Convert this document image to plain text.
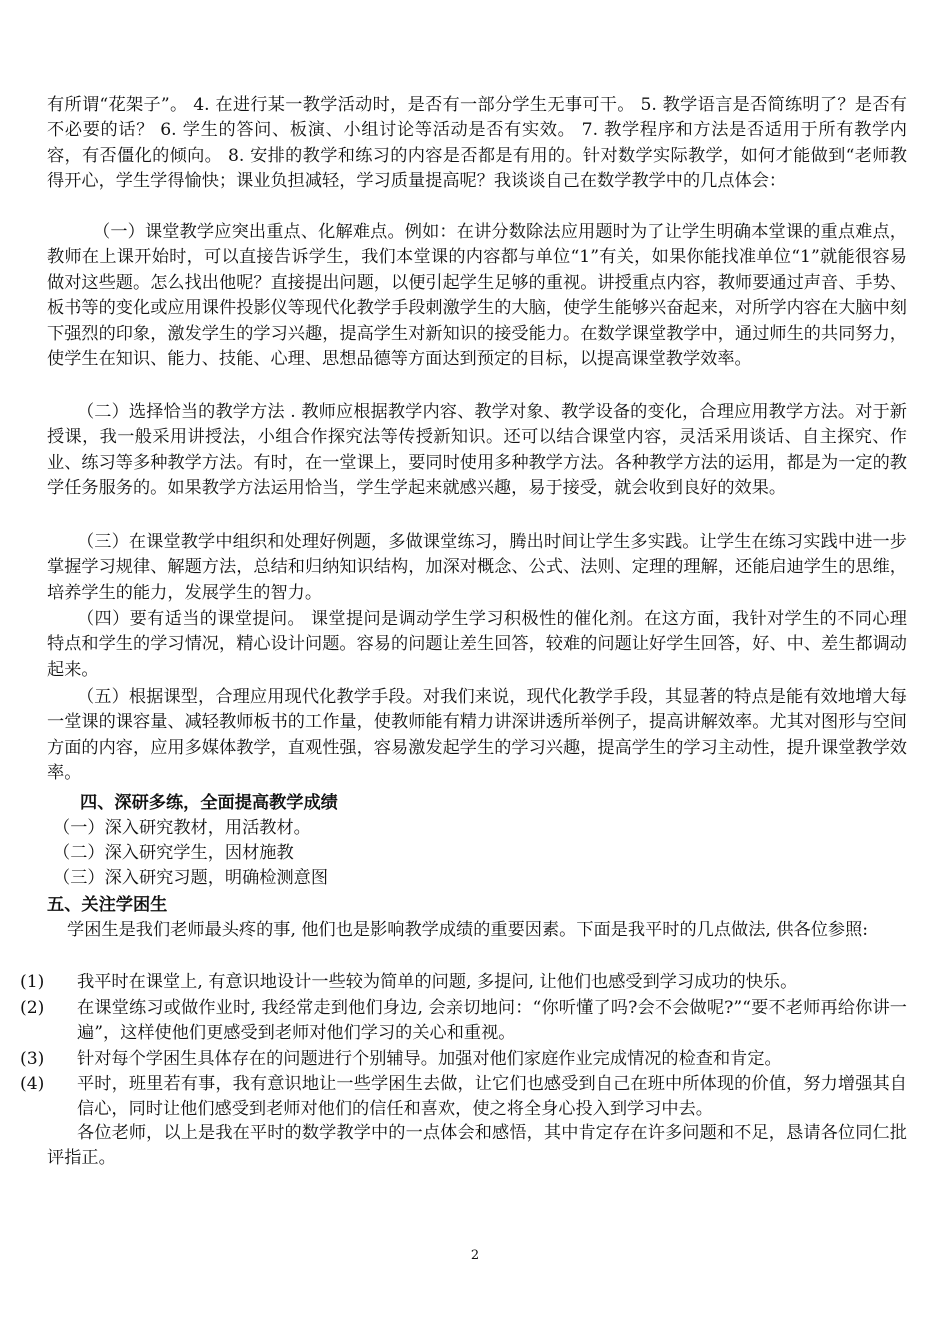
有所谓“花架子”。 4. 在进行某一教学活动时，是否有一部分学生无事可干。 5. 教学语言是否简练明了？是否有不必要的话？ 6. 学生的答问、板演、小组讨论等活动是否有实效。 7. 教学程序和方法是否适用于所有教学内容，有否僵化的倾向。 8. 安排的教学和练习的内容是否都是有用的。针对数学实际教学，如何才能做到“老师教得开心，学生学得愉快；课业负担减轻，学习质量提高呢？我谈谈自己在数学教学中的几点体会：
（一）课堂教学应突出重点、化解难点。例如：在讲分数除法应用题时为了让学生明确本堂课的重点难点，教师在上课开始时，可以直接告诉学生，我们本堂课的内容都与单位“1”有关，如果你能找准单位“1”就能很容易做对这些题。怎么找出他呢？直接提出问题，以便引起学生足够的重视。讲授重点内容，教师要通过声音、手势、板书等的变化或应用课件投影仪等现代化教学手段刺激学生的大脑，使学生能够兴奋起来，对所学内容在大脑中刻下强烈的印象，激发学生的学习兴趣，提高学生对新知识的接受能力。在数学课堂教学中，通过师生的共同努力，使学生在知识、能力、技能、心理、思想品德等方面达到预定的目标，以提高课堂教学效率。
（二）选择恰当的教学方法 . 教师应根据教学内容、教学对象、教学设备的变化，合理应用教学方法。对于新授课，我一般采用讲授法，小组合作探究法等传授新知识。还可以结合课堂内容，灵活采用谈话、自主探究、作业、练习等多种教学方法。有时，在一堂课上，要同时使用多种教学方法。各种教学方法的运用，都是为一定的教学任务服务的。如果教学方法运用恰当，学生学起来就感兴趣，易于接受，就会收到良好的效果。
（三）在课堂教学中组织和处理好例题，多做课堂练习，腾出时间让学生多实践。让学生在练习实践中进一步掌握学习规律、解题方法，总结和归纳知识结构，加深对概念、公式、法则、定理的理解，还能启迪学生的思维，培养学生的能力，发展学生的智力。
（四）要有适当的课堂提问。 课堂提问是调动学生学习积极性的催化剂。在这方面，我针对学生的不同心理特点和学生的学习情况，精心设计问题。容易的问题让差生回答，较难的问题让好学生回答，好、中、差生都调动起来。
（五）根据课型，合理应用现代化教学手段。对我们来说，现代化教学手段，其显著的特点是能有效地增大每一堂课的课容量、减轻教师板书的工作量，使教师能有精力讲深讲透所举例子，提高讲解效率。尤其对图形与空间方面的内容，应用多媒体教学，直观性强，容易激发起学生的学习兴趣，提高学生的学习主动性，提升课堂教学效率。
四、深研多练，全面提高教学成绩
（一）深入研究教材，用活教材。
（二）深入研究学生，因材施教
（三）深入研究习题，明确检测意图
五、关注学困生
学困生是我们老师最头疼的事, 他们也是影响教学成绩的重要因素。下面是我平时的几点做法, 供各位参照:
(1)	我平时在课堂上, 有意识地设计一些较为简单的问题, 多提问, 让他们也感受到学习成功的快乐。
(2)	在课堂练习或做作业时, 我经常走到他们身边, 会亲切地问：“你听懂了吗?会不会做呢?”“要不老师再给你讲一遍”，这样使他们更感受到老师对他们学习的关心和重视。
(3)	针对每个学困生具体存在的问题进行个别辅导。加强对他们家庭作业完成情况的检查和肯定。
(4)	平时，班里若有事，我有意识地让一些学困生去做，让它们也感受到自己在班中所体现的价值，努力增强其自信心，同时让他们感受到老师对他们的信任和喜欢，使之将全身心投入到学习中去。
各位老师，以上是我在平时的数学教学中的一点体会和感悟，其中肯定存在许多问题和不足，恳请各位同仁批评指正。
2
